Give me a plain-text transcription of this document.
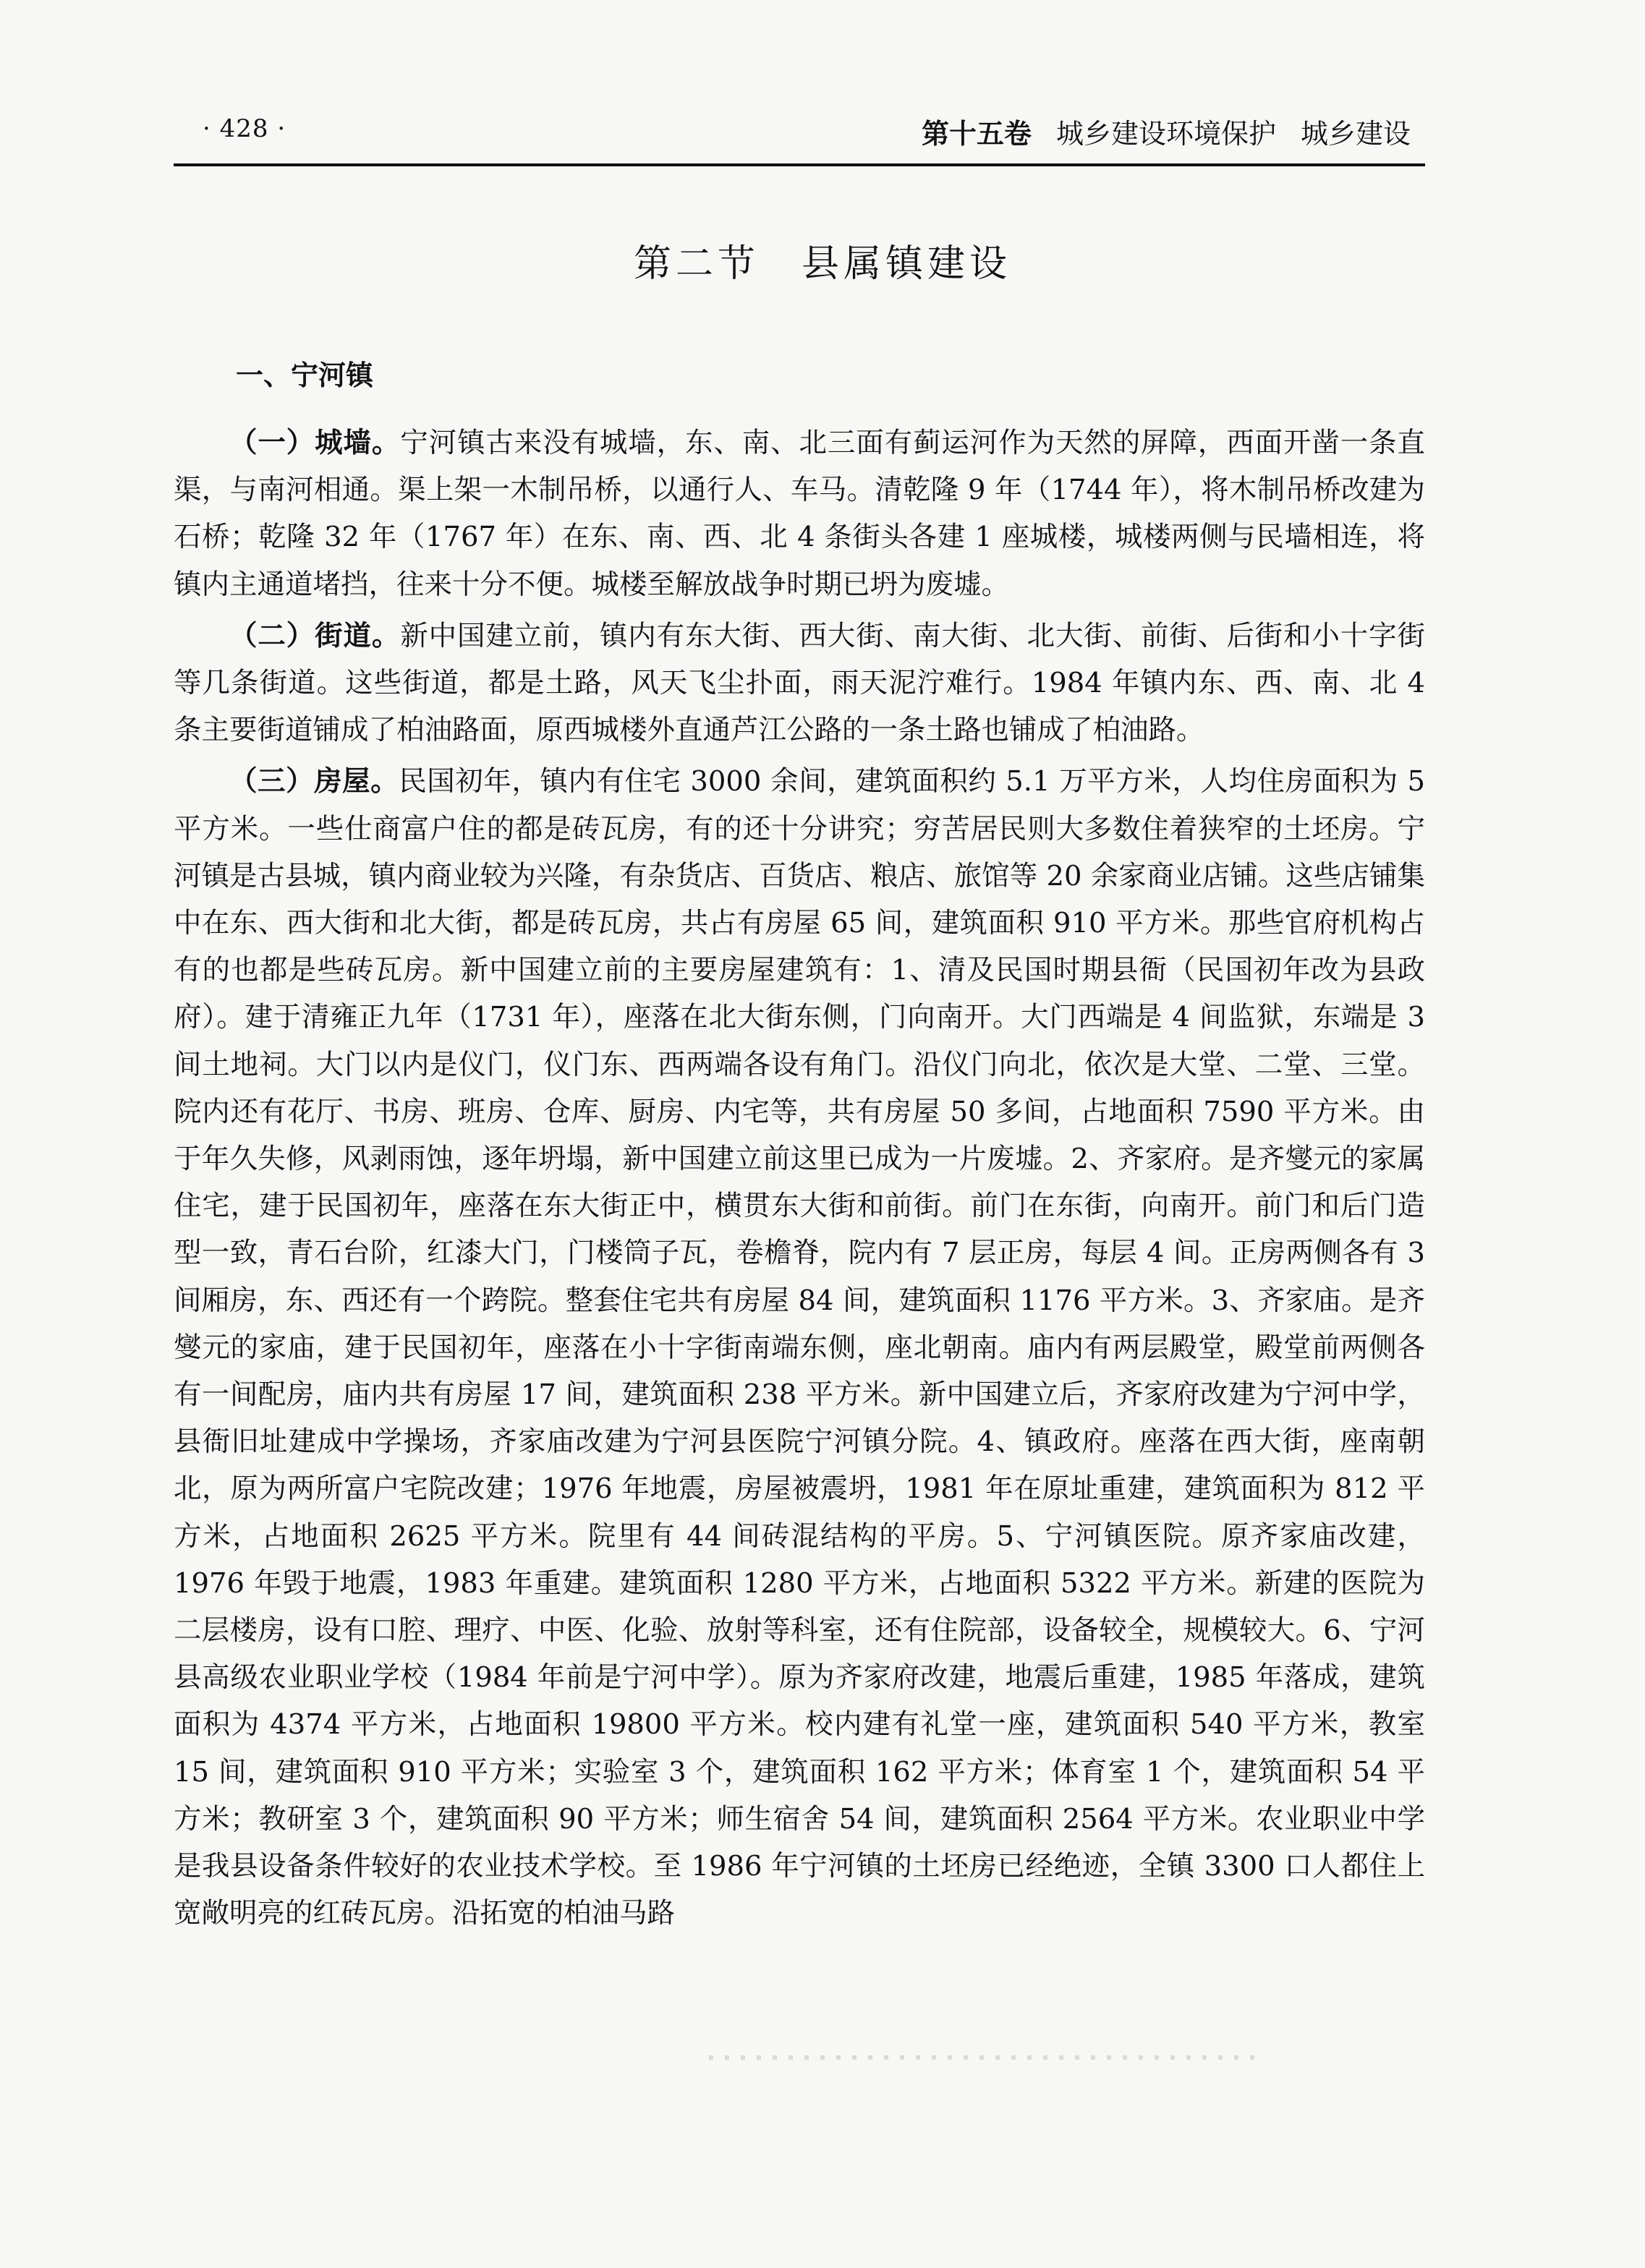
· 428 ·	第十五卷 城乡建设环境保护 城乡建设
第二节　县属镇建设
一、宁河镇

（一）城墙。宁河镇古来没有城墙，东、南、北三面有蓟运河作为天然的屏障，西面开凿一条直渠，与南河相通。渠上架一木制吊桥，以通行人、车马。清乾隆 9 年（1744 年），将木制吊桥改建为石桥；乾隆 32 年（1767 年）在东、南、西、北 4 条街头各建 1 座城楼，城楼两侧与民墙相连，将镇内主通道堵挡，往来十分不便。城楼至解放战争时期已坍为废墟。

（二）街道。新中国建立前，镇内有东大街、西大街、南大街、北大街、前街、后街和小十字街等几条街道。这些街道，都是土路，风天飞尘扑面，雨天泥泞难行。1984 年镇内东、西、南、北 4 条主要街道铺成了柏油路面，原西城楼外直通芦江公路的一条土路也铺成了柏油路。

（三）房屋。民国初年，镇内有住宅 3000 余间，建筑面积约 5.1 万平方米，人均住房面积为 5 平方米。一些仕商富户住的都是砖瓦房，有的还十分讲究；穷苦居民则大多数住着狭窄的土坯房。宁河镇是古县城，镇内商业较为兴隆，有杂货店、百货店、粮店、旅馆等 20 余家商业店铺。这些店铺集中在东、西大街和北大街，都是砖瓦房，共占有房屋 65 间，建筑面积 910 平方米。那些官府机构占有的也都是些砖瓦房。新中国建立前的主要房屋建筑有：1、清及民国时期县衙（民国初年改为县政府）。建于清雍正九年（1731 年），座落在北大街东侧，门向南开。大门西端是 4 间监狱，东端是 3 间土地祠。大门以内是仪门，仪门东、西两端各设有角门。沿仪门向北，依次是大堂、二堂、三堂。院内还有花厅、书房、班房、仓库、厨房、内宅等，共有房屋 50 多间，占地面积 7590 平方米。由于年久失修，风剥雨蚀，逐年坍塌，新中国建立前这里已成为一片废墟。2、齐家府。是齐燮元的家属住宅，建于民国初年，座落在东大街正中，横贯东大街和前街。前门在东街，向南开。前门和后门造型一致，青石台阶，红漆大门，门楼筒子瓦，卷檐脊，院内有 7 层正房，每层 4 间。正房两侧各有 3 间厢房，东、西还有一个跨院。整套住宅共有房屋 84 间，建筑面积 1176 平方米。3、齐家庙。是齐燮元的家庙，建于民国初年，座落在小十字街南端东侧，座北朝南。庙内有两层殿堂，殿堂前两侧各有一间配房，庙内共有房屋 17 间，建筑面积 238 平方米。新中国建立后，齐家府改建为宁河中学，县衙旧址建成中学操场，齐家庙改建为宁河县医院宁河镇分院。4、镇政府。座落在西大街，座南朝北，原为两所富户宅院改建；1976 年地震，房屋被震坍，1981 年在原址重建，建筑面积为 812 平方米，占地面积 2625 平方米。院里有 44 间砖混结构的平房。5、宁河镇医院。原齐家庙改建，1976 年毁于地震，1983 年重建。建筑面积 1280 平方米，占地面积 5322 平方米。新建的医院为二层楼房，设有口腔、理疗、中医、化验、放射等科室，还有住院部，设备较全，规模较大。6、宁河县高级农业职业学校（1984 年前是宁河中学）。原为齐家府改建，地震后重建，1985 年落成，建筑面积为 4374 平方米，占地面积 19800 平方米。校内建有礼堂一座，建筑面积 540 平方米，教室 15 间，建筑面积 910 平方米；实验室 3 个，建筑面积 162 平方米；体育室 1 个，建筑面积 54 平方米；教研室 3 个，建筑面积 90 平方米；师生宿舍 54 间，建筑面积 2564 平方米。农业职业中学是我县设备条件较好的农业技术学校。至 1986 年宁河镇的土坯房已经绝迹，全镇 3300 口人都住上宽敞明亮的红砖瓦房。沿拓宽的柏油马路
